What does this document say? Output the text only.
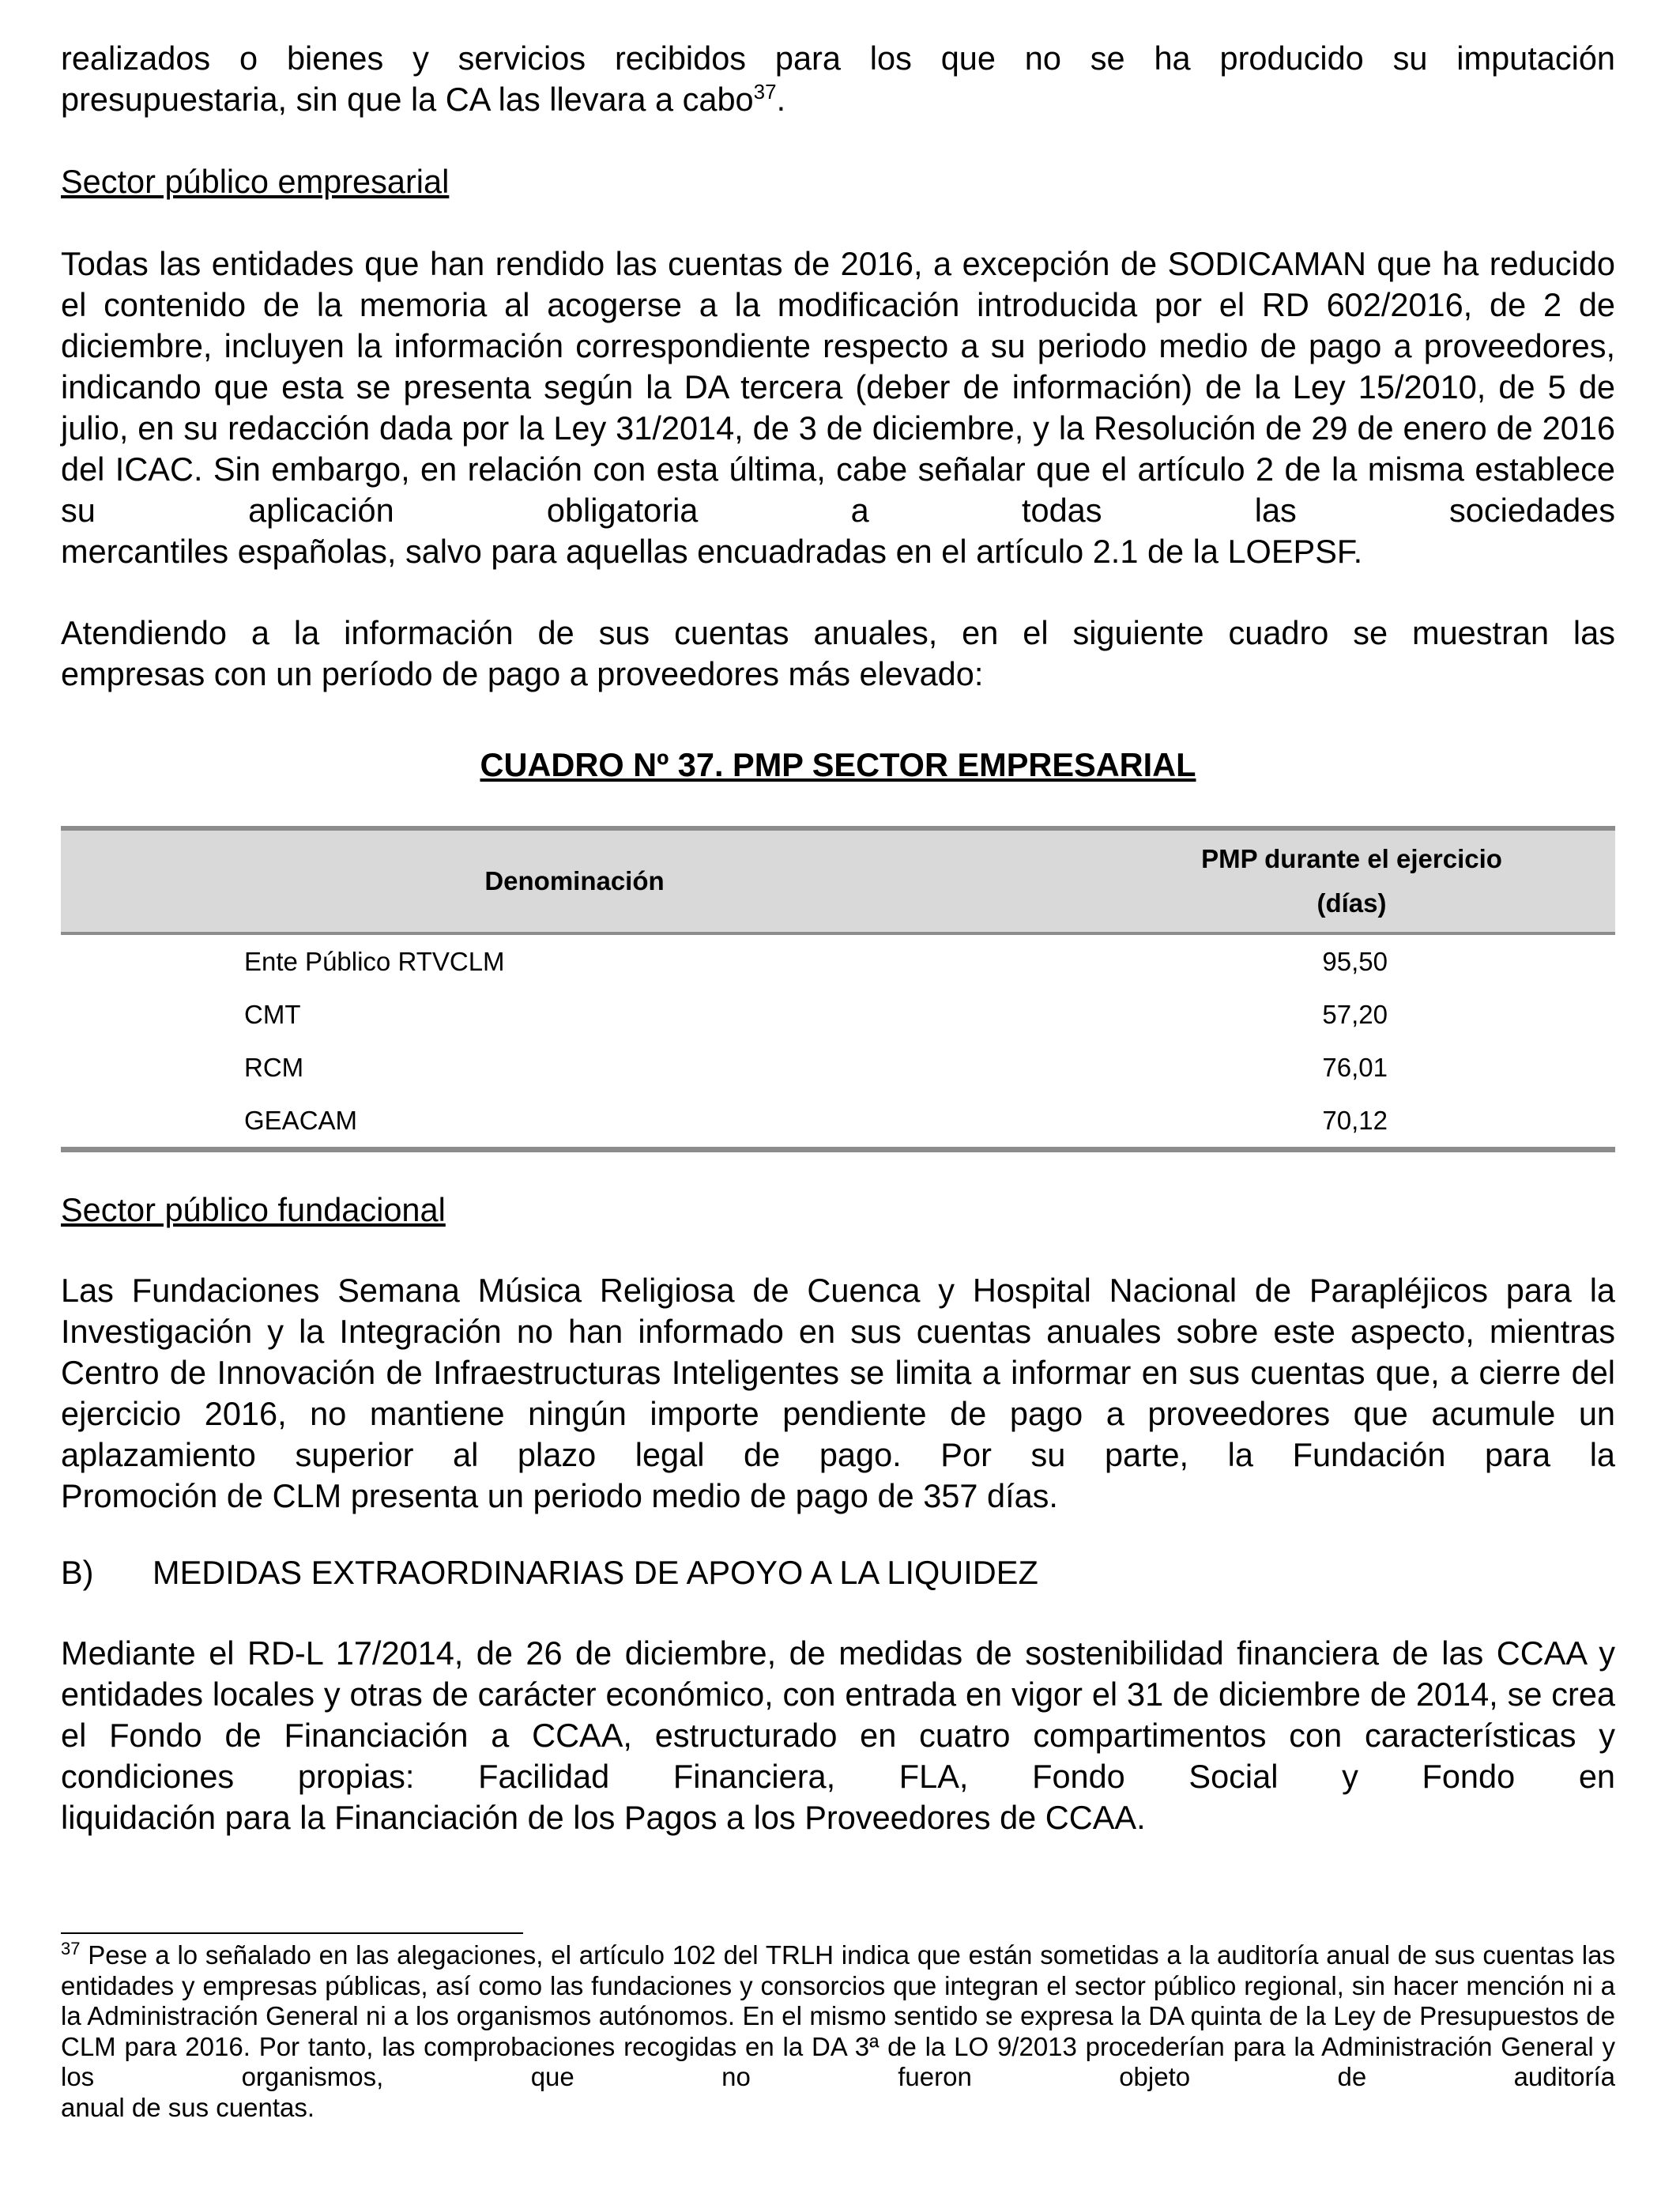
realizados o bienes y servicios recibidos para los que no se ha producido su imputación
presupuestaria, sin que la CA las llevara a cabo$^{37}$.

Sector público empresarial

Todas las entidades que han rendido las cuentas de 2016, a excepción de SODICAMAN que ha reducido el contenido de la memoria al acogerse a la modificación introducida por el RD 602/2016, de 2 de diciembre, incluyen la información correspondiente respecto a su periodo medio de pago a proveedores, indicando que esta se presenta según la DA tercera (deber de información) de la Ley 15/2010, de 5 de julio, en su redacción dada por la Ley 31/2014, de 3 de diciembre, y la Resolución de 29 de enero de 2016 del ICAC. Sin embargo, en relación con esta última, cabe señalar que el artículo 2 de la misma establece su aplicación obligatoria a todas las sociedades
mercantiles españolas, salvo para aquellas encuadradas en el artículo 2.1 de la LOEPSF.

Atendiendo a la información de sus cuentas anuales, en el siguiente cuadro se muestran las
empresas con un período de pago a proveedores más elevado:

CUADRO Nº 37. PMP SECTOR EMPRESARIAL

Denominación	PMP durante el ejercicio
(días)
Ente Público RTVCLM	95,50
CMT	57,20
RCM	76,01
GEACAM	70,12

Sector público fundacional

Las Fundaciones Semana Música Religiosa de Cuenca y Hospital Nacional de Parapléjicos para la Investigación y la Integración no han informado en sus cuentas anuales sobre este aspecto, mientras Centro de Innovación de Infraestructuras Inteligentes se limita a informar en sus cuentas que, a cierre del ejercicio 2016, no mantiene ningún importe pendiente de pago a proveedores que acumule un aplazamiento superior al plazo legal de pago. Por su parte, la Fundación para la
Promoción de CLM presenta un periodo medio de pago de 357 días.

B) MEDIDAS EXTRAORDINARIAS DE APOYO A LA LIQUIDEZ

Mediante el RD-L 17/2014, de 26 de diciembre, de medidas de sostenibilidad financiera de las CCAA y entidades locales y otras de carácter económico, con entrada en vigor el 31 de diciembre de 2014, se crea el Fondo de Financiación a CCAA, estructurado en cuatro compartimentos con características y condiciones propias: Facilidad Financiera, FLA, Fondo Social y Fondo en
liquidación para la Financiación de los Pagos a los Proveedores de CCAA.

$^{37}$ Pese a lo señalado en las alegaciones, el artículo 102 del TRLH indica que están sometidas a la auditoría anual de sus cuentas las entidades y empresas públicas, así como las fundaciones y consorcios que integran el sector público regional, sin hacer mención ni a la Administración General ni a los organismos autónomos. En el mismo sentido se expresa la DA quinta de la Ley de Presupuestos de CLM para 2016. Por tanto, las comprobaciones recogidas en la DA 3ª de la LO 9/2013 procederían para la Administración General y los organismos, que no fueron objeto de auditoría
anual de sus cuentas.
